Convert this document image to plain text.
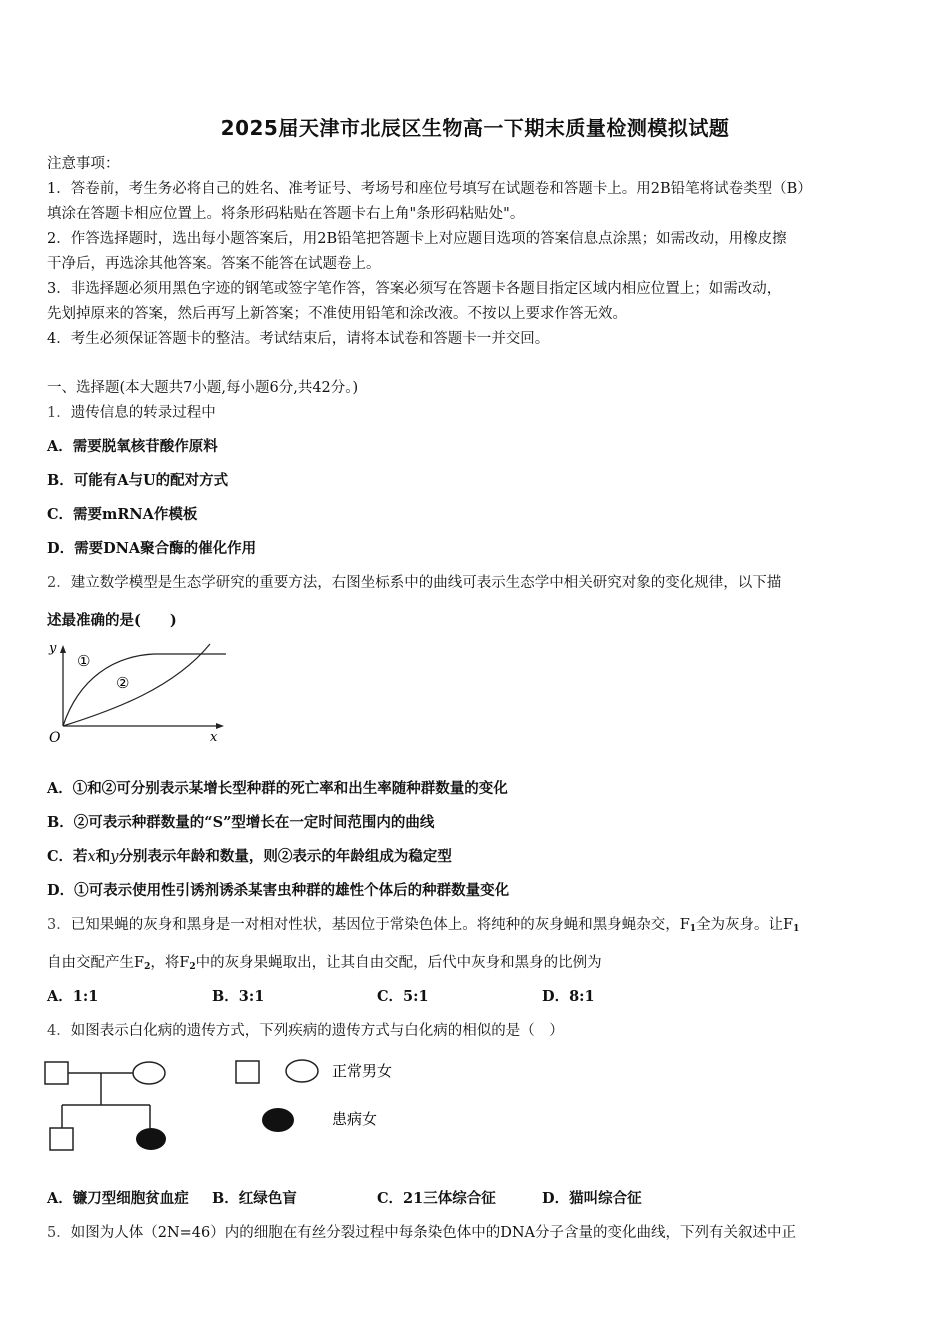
2025届天津市北辰区生物高一下期末质量检测模拟试题
注意事项：
1．答卷前，考生务必将自己的姓名、准考证号、考场号和座位号填写在试题卷和答题卡上。用2B铅笔将试卷类型（B）
填涂在答题卡相应位置上。将条形码粘贴在答题卡右上角"条形码粘贴处"。
2．作答选择题时，选出每小题答案后，用2B铅笔把答题卡上对应题目选项的答案信息点涂黑；如需改动，用橡皮擦
干净后，再选涂其他答案。答案不能答在试题卷上。
3．非选择题必须用黑色字迹的钢笔或签字笔作答，答案必须写在答题卡各题目指定区域内相应位置上；如需改动，
先划掉原来的答案，然后再写上新答案；不准使用铅笔和涂改液。不按以上要求作答无效。
4．考生必须保证答题卡的整洁。考试结束后，请将本试卷和答题卡一并交回。
一、选择题(本大题共7小题,每小题6分,共42分。)
1．遗传信息的转录过程中
A．需要脱氧核苷酸作原料
B．可能有A与U的配对方式
C．需要mRNA作模板
D．需要DNA聚合酶的催化作用
2．建立数学模型是生态学研究的重要方法，右图坐标系中的曲线可表示生态学中相关研究对象的变化规律，以下描
述最准确的是(　　)
y
x
O
①
②
A．①和②可分别表示某增长型种群的死亡率和出生率随种群数量的变化
B．②可表示种群数量的“S”型增长在一定时间范围内的曲线
C．若x和y分别表示年龄和数量，则②表示的年龄组成为稳定型
D．①可表示使用性引诱剂诱杀某害虫种群的雄性个体后的种群数量变化
3．已知果蝇的灰身和黑身是一对相对性状，基因位于常染色体上。将纯种的灰身蝇和黑身蝇杂交，$F_1$全为灰身。让$F_1$
自由交配产生$F_2$，将$F_2$中的灰身果蝇取出，让其自由交配，后代中灰身和黑身的比例为
A．1:1	B．3:1	C．5:1	D．8:1
4．如图表示白化病的遗传方式，下列疾病的遗传方式与白化病的相似的是（　）
正常男女
患病女
A．镰刀型细胞贫血症 B．红绿色盲	C．21三体综合征	D．猫叫综合征
5．如图为人体（2N=46）内的细胞在有丝分裂过程中每条染色体中的DNA分子含量的变化曲线，下列有关叙述中正
